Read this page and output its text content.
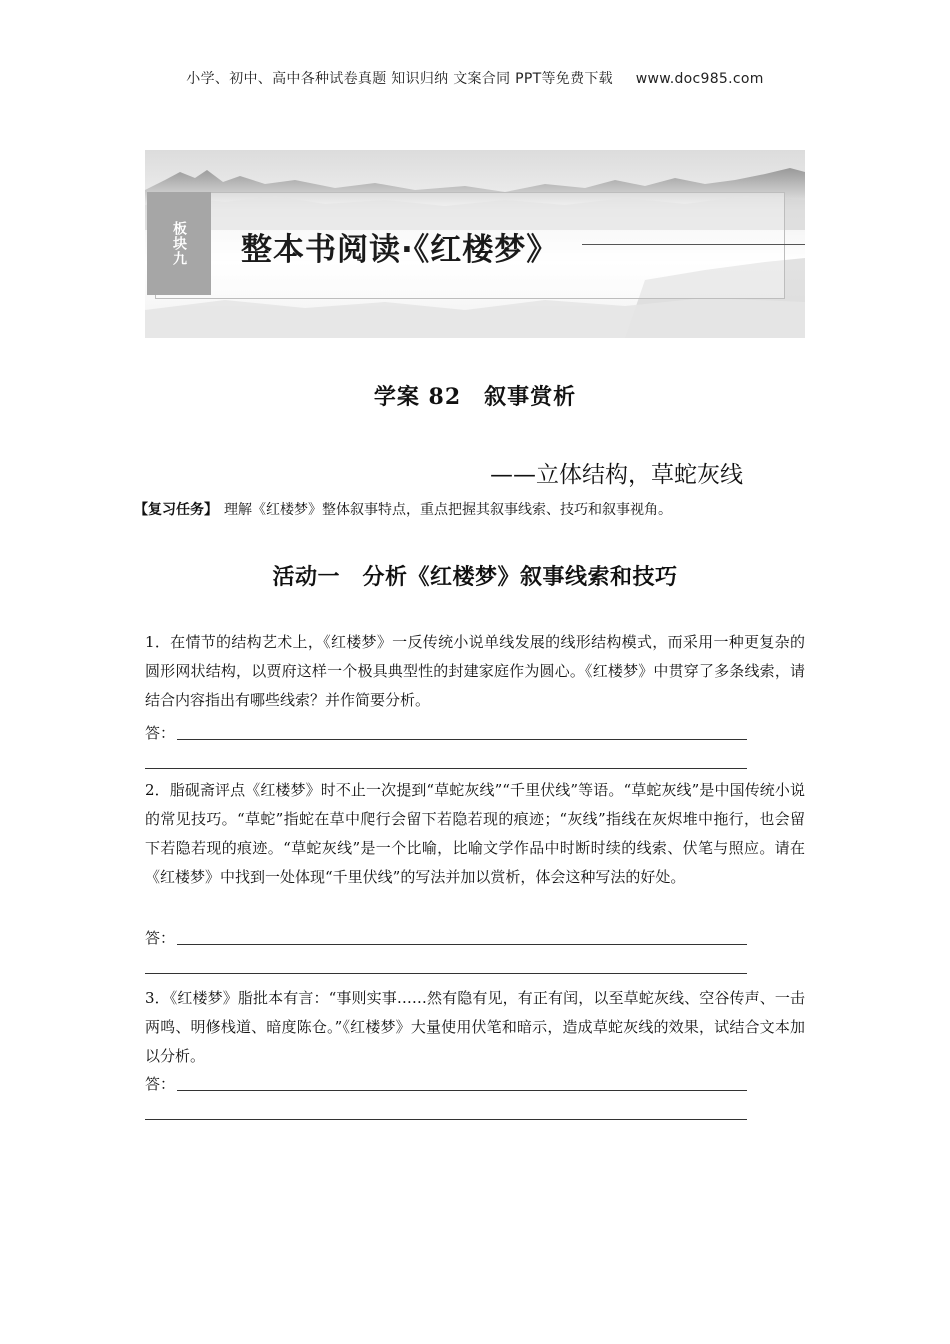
小学、初中、高中各种试卷真题 知识归纳 文案合同 PPT等免费下载 www.doc985.com
板块九 整本书阅读·《红楼梦》
学案 82　叙事赏析
——立体结构，草蛇灰线
【复习任务】 理解《红楼梦》整体叙事特点，重点把握其叙事线索、技巧和叙事视角。
活动一　分析《红楼梦》叙事线索和技巧

1．在情节的结构艺术上，《红楼梦》一反传统小说单线发展的线形结构模式，而采用一种更复杂的圆形网状结构，以贾府这样一个极具典型性的封建家庭作为圆心。《红楼梦》中贯穿了多条线索，请结合内容指出有哪些线索？并作简要分析。

答：

2．脂砚斋评点《红楼梦》时不止一次提到“草蛇灰线”“千里伏线”等语。“草蛇灰线”是中国传统小说的常见技巧。“草蛇”指蛇在草中爬行会留下若隐若现的痕迹；“灰线”指线在灰烬堆中拖行，也会留下若隐若现的痕迹。“草蛇灰线”是一个比喻，比喻文学作品中时断时续的线索、伏笔与照应。请在《红楼梦》中找到一处体现“千里伏线”的写法并加以赏析，体会这种写法的好处。

答：

3．《红楼梦》脂批本有言：“事则实事……然有隐有见，有正有闰，以至草蛇灰线、空谷传声、一击两鸣、明修栈道、暗度陈仓。”《红楼梦》大量使用伏笔和暗示，造成草蛇灰线的效果，试结合文本加以分析。

答：
